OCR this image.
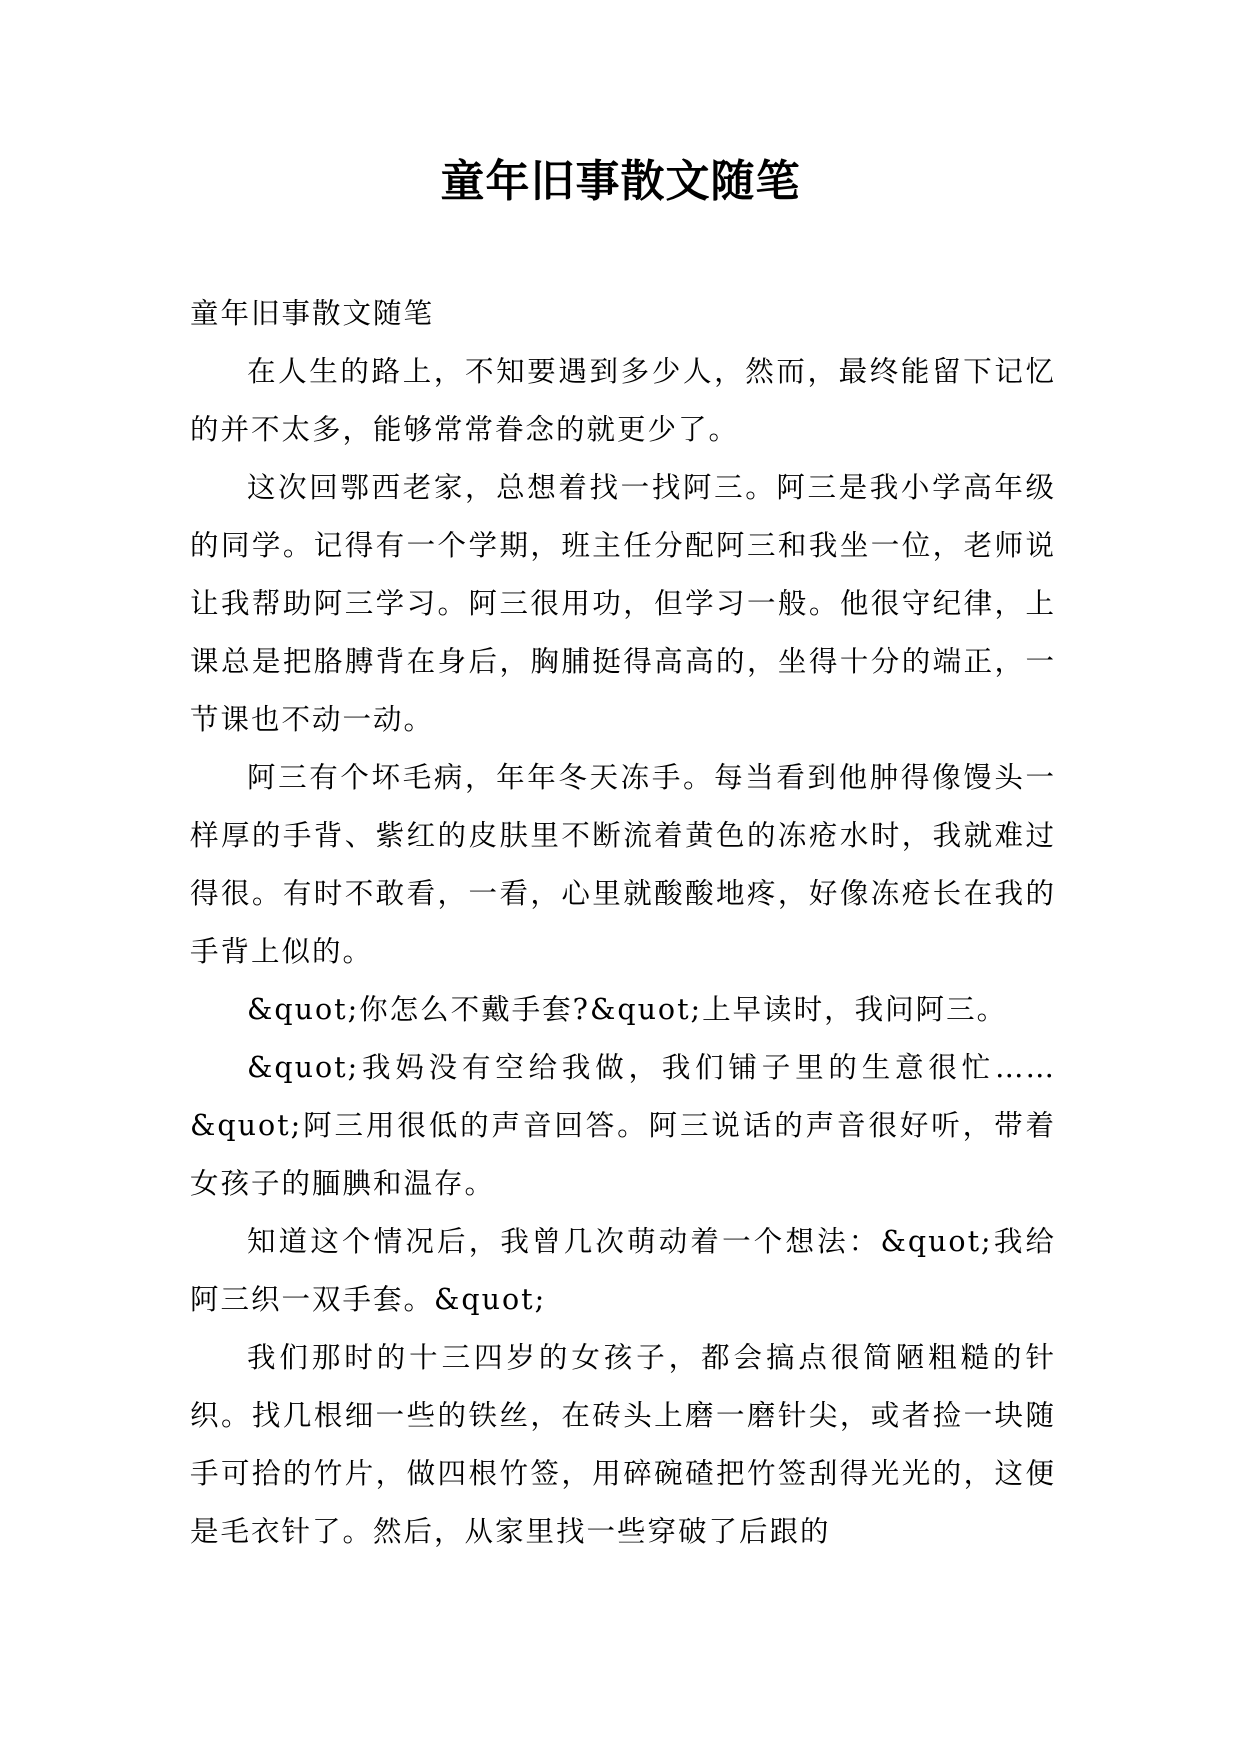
童年旧事散文随笔

童年旧事散文随笔

在人生的路上，不知要遇到多少人，然而，最终能留下记忆的并不太多，能够常常眷念的就更少了。

这次回鄂西老家，总想着找一找阿三。阿三是我小学高年级的同学。记得有一个学期，班主任分配阿三和我坐一位，老师说让我帮助阿三学习。阿三很用功，但学习一般。他很守纪律，上课总是把胳膊背在身后，胸脯挺得高高的，坐得十分的端正，一节课也不动一动。

阿三有个坏毛病，年年冬天冻手。每当看到他肿得像馒头一样厚的手背、紫红的皮肤里不断流着黄色的冻疮水时，我就难过得很。有时不敢看，一看，心里就酸酸地疼，好像冻疮长在我的手背上似的。

&quot;你怎么不戴手套?&quot;上早读时，我问阿三。

&quot;我妈没有空给我做，我们铺子里的生意很忙……&quot;阿三用很低的声音回答。阿三说话的声音很好听，带着女孩子的腼腆和温存。

知道这个情况后，我曾几次萌动着一个想法：&quot;我给阿三织一双手套。&quot;

我们那时的十三四岁的女孩子，都会搞点很简陋粗糙的针织。找几根细一些的铁丝，在砖头上磨一磨针尖，或者捡一块随手可拾的竹片，做四根竹签，用碎碗碴把竹签刮得光光的，这便是毛衣针了。然后，从家里找一些穿破了后跟的
